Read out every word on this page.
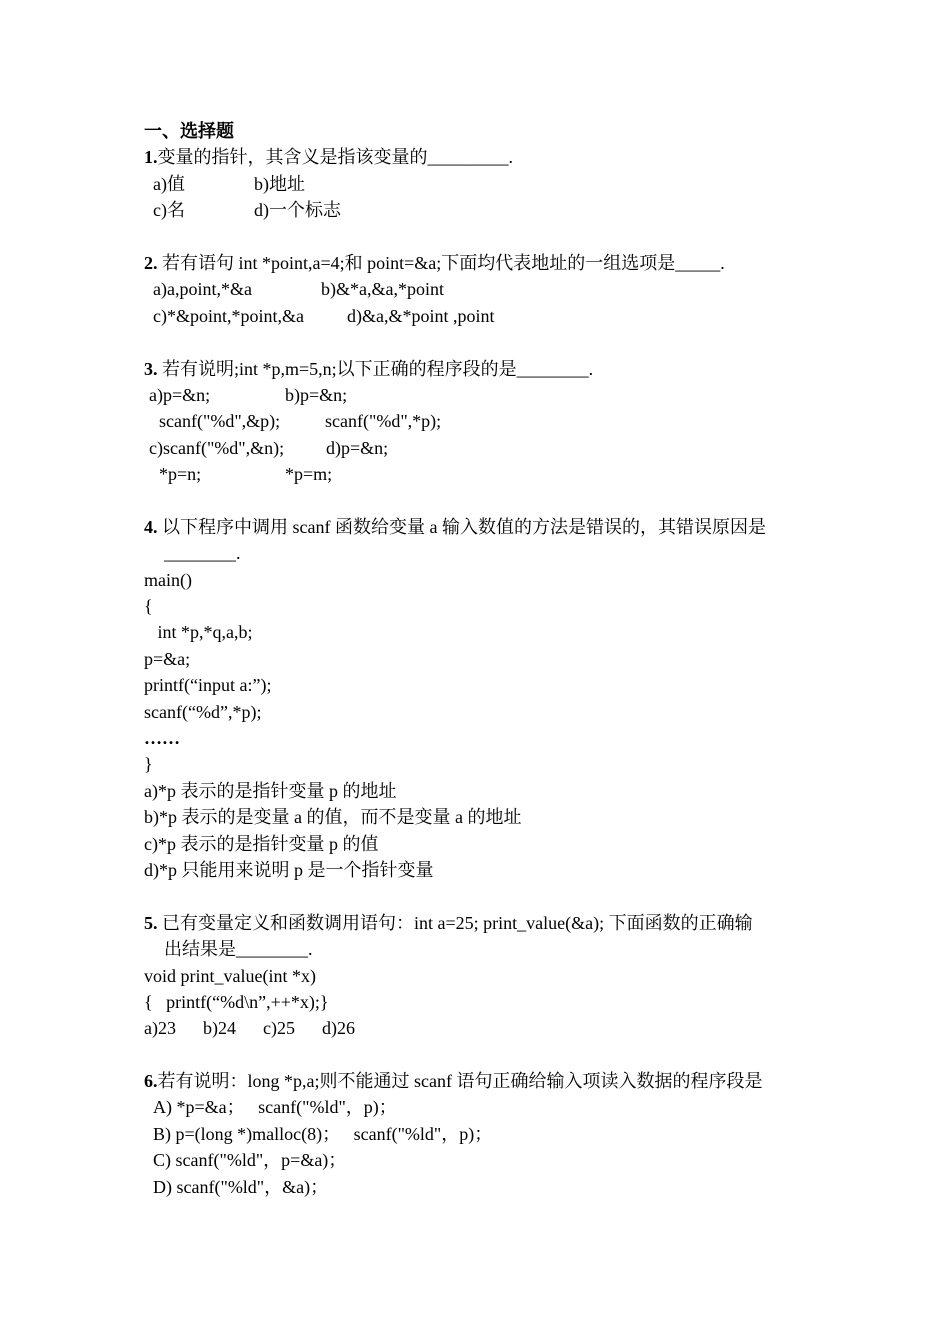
一、选择题
1.变量的指针，其含义是指该变量的_________.

a)值

	b)地址

c)名

	d)一个标志

2. 若有语句 int *point,a=4;和 point=&a;下面均代表地址的一组选项是_____.

a)a,point,*&a

	b)&*a,&a,*point

c)*&point,*point,&a

d)&a,&*point ,point

3. 若有说明;int *p,m=5,n;以下正确的程序段的是________.

a)p=&n;

	b)p=&n;

scanf("%d",&p);

scanf("%d",*p);

c)scanf("%d",&n);

d)p=&n;

*p=n;

	*p=m;

4. 以下程序中调用 scanf 函数给变量 a 输入数值的方法是错误的，其错误原因是
________.
main()
{
int *p,*q,a,b;
p=&a;
printf(“input a:”);
scanf(“%d”,*p);
……
}
a)*p 表示的是指针变量 p 的地址
b)*p 表示的是变量 a 的值，而不是变量 a 的地址
c)*p 表示的是指针变量 p 的值
d)*p 只能用来说明 p 是一个指针变量
5. 已有变量定义和函数调用语句：int a=25; print_value(&a); 下面函数的正确输
出结果是________.
void print_value(int *x)
{   printf(“%d\n”,++*x);}
a)23      b)24      c)25      d)26
6.若有说明：long *p,a;则不能通过 scanf 语句正确给输入项读入数据的程序段是
A) *p=&a；   scanf("%ld"，p)；
B) p=(long *)malloc(8)；   scanf("%ld"，p)；
C) scanf("%ld"，p=&a)；
D) scanf("%ld"，&a)；
